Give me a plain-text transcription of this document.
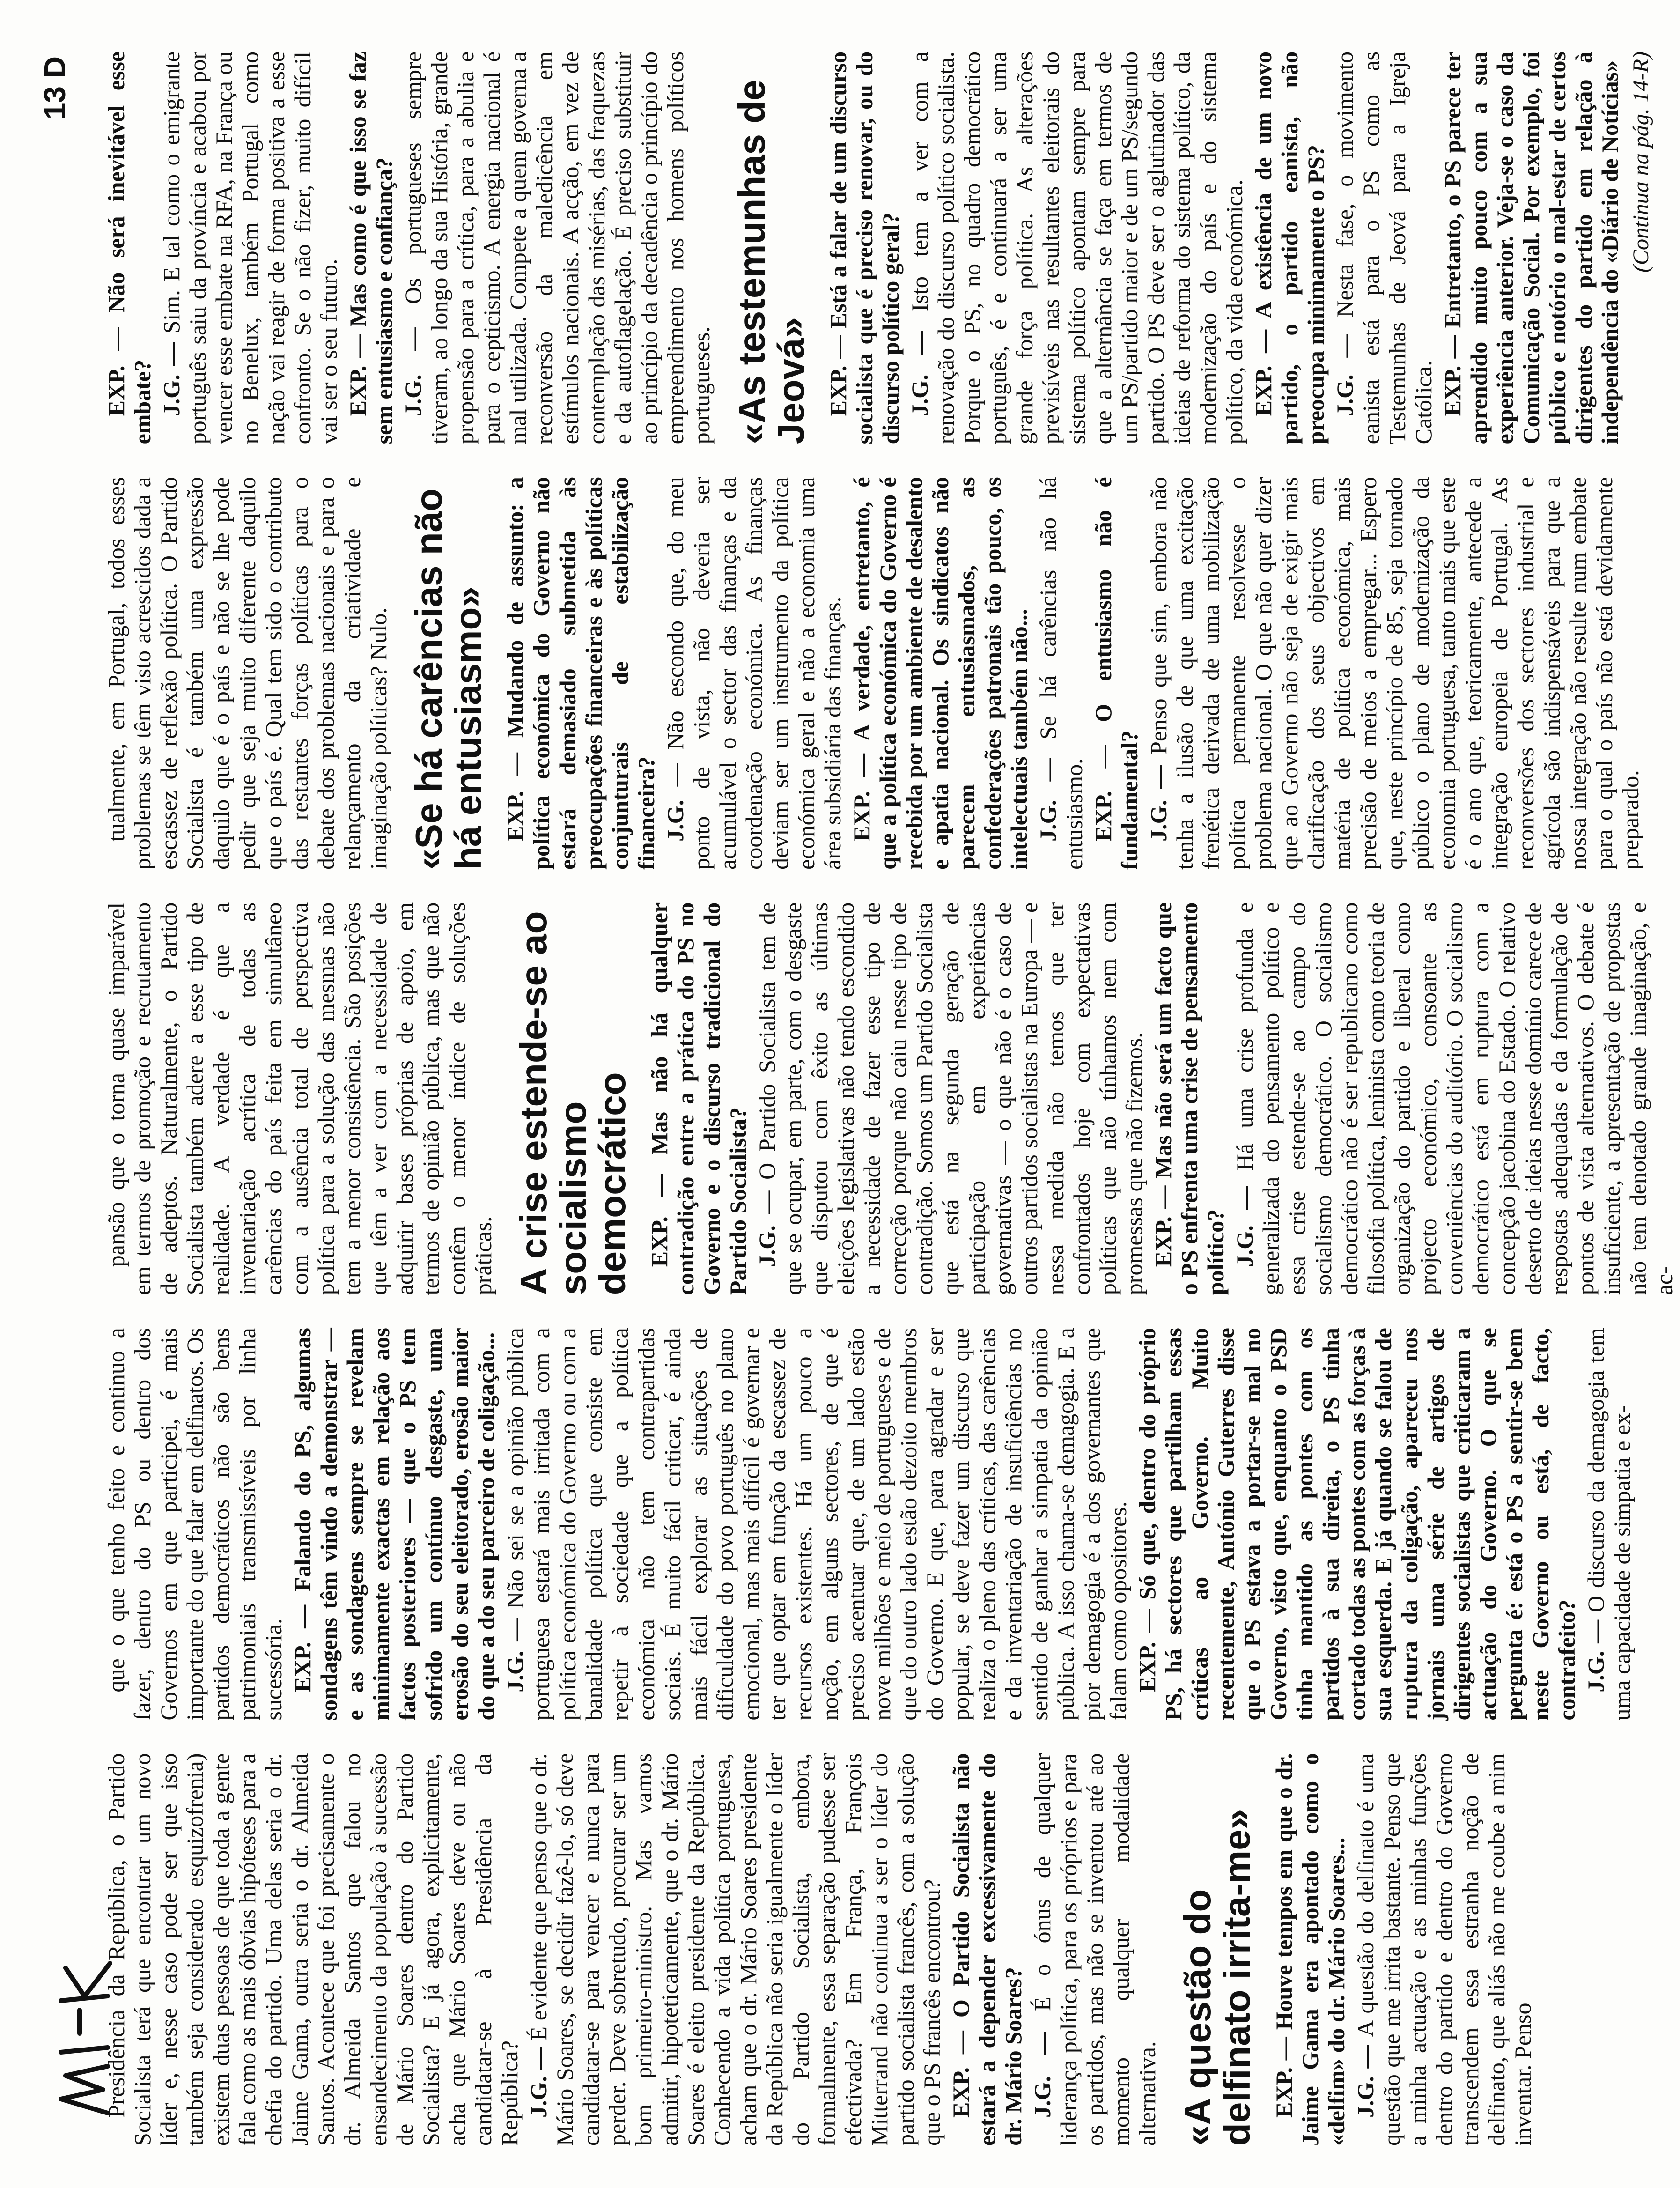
13 D

Presidência da República, o Partido Socialista terá que encontrar um novo líder e, nesse caso pode ser que isso também seja considerado esquizofrenia) existem duas pessoas de que toda a gente fala como as mais óbvias hipóteses para a chefia do partido. Uma delas seria o dr. Jaime Gama, outra seria o dr. Almeida Santos. Acontece que foi precisamente o dr. Almeida Santos que falou no ensandecimento da população à sucessão de Mário Soares dentro do Partido Socialista? E já agora, explicitamente, acha que Mário Soares deve ou não candidatar-se à Presidência da República? J.G. — É evidente que penso que o dr. Mário Soares, se decidir fazê-lo, só deve candidatar-se para vencer e nunca para perder. Deve sobretudo, procurar ser um bom primeiro-ministro. Mas vamos admitir, hipoteticamente, que o dr. Mário Soares é eleito presidente da República. Conhecendo a vida política portuguesa, acham que o dr. Mário Soares presidente da República não seria igualmente o líder do Partido Socialista, embora, formalmente, essa separação pudesse ser efectivada? Em França, François Mitterrand não continua a ser o líder do partido socialista francês, com a solução que o PS francês encontrou? EXP. — O Partido Socialista não estará a depender excessivamente do dr. Mário Soares? J.G. — É o ónus de qualquer liderança política, para os próprios e para os partidos, mas não se inventou até ao momento qualquer modalidade alternativa. «A questão do delfinato irrita-me» EXP. — Houve tempos em que o dr. Jaime Gama era apontado como o «delfim» do dr. Mário Soares... J.G. — A questão do delfinato é uma questão que me irrita bastante. Penso que a minha actuação e as minhas funções dentro do partido e dentro do Governo transcendem essa estranha noção de delfinato, que aliás não me coube a mim inventar. Penso

que o que tenho feito e continuo a fazer, dentro do PS ou dentro dos Governos em que participei, é mais importante do que falar em delfinatos. Os partidos democráticos não são bens patrimoniais transmissíveis por linha sucessória. EXP. — Falando do PS, algumas sondagens têm vindo a demonstrar — e as sondagens sempre se revelam minimamente exactas em relação aos factos posteriores — que o PS tem sofrido um contínuo desgaste, uma erosão do seu eleitorado, erosão maior do que a do seu parceiro de coligação... J.G. — Não sei se a opinião pública portuguesa estará mais irritada com a política económica do Governo ou com a banalidade política que consiste em repetir à sociedade que a política económica não tem contrapartidas sociais. É muito fácil criticar, é ainda mais fácil explorar as situações de dificuldade do povo português no plano emocional, mas mais difícil é governar e ter que optar em função da escassez de recursos existentes. Há um pouco a noção, em alguns sectores, de que é preciso acentuar que, de um lado estão nove milhões e meio de portugueses e de que do outro lado estão dezoito membros do Governo. E que, para agradar e ser popular, se deve fazer um discurso que realiza o pleno das críticas, das carências e da inventariação de insuficiências no sentido de ganhar a simpatia da opinião pública. A isso chama-se demagogia. E a pior demagogia é a dos governantes que falam como opositores. EXP. — Só que, dentro do próprio PS, há sectores que partilham essas críticas ao Governo. Muito recentemente, António Guterres disse que o PS estava a portar-se mal no Governo, visto que, enquanto o PSD tinha mantido as pontes com os partidos à sua direita, o PS tinha cortado todas as pontes com as forças à sua esquerda. E já quando se falou de ruptura da coligação, apareceu nos jornais uma série de artigos de dirigentes socialistas que criticaram a actuação do Governo. O que se pergunta é: está o PS a sentir-se bem neste Governo ou está, de facto, contrafeito? J.G. — O discurso da demagogia tem uma capacidade de simpatia e ex-

pansão que o torna quase imparável em termos de promoção e recrutamento de adeptos. Naturalmente, o Partido Socialista também adere a esse tipo de realidade. A verdade é que a inventariação acrítica de todas as carências do país feita em simultâneo com a ausência total de perspectiva política para a solução das mesmas não tem a menor consistência. São posições que têm a ver com a necessidade de adquirir bases próprias de apoio, em termos de opinião pública, mas que não contêm o menor índice de soluções práticas. A crise estende-se ao socialismo democrático EXP. — Mas não há qualquer contradição entre a prática do PS no Governo e o discurso tradicional do Partido Socialista? J.G. — O Partido Socialista tem de que se ocupar, em parte, com o desgaste que disputou com êxito as últimas eleições legislativas não tendo escondido a necessidade de fazer esse tipo de correcção porque não caiu nesse tipo de contradição. Somos um Partido Socialista que está na segunda geração de participação em experiências governativas — o que não é o caso de outros partidos socialistas na Europa — e nessa medida não temos que ter confrontados hoje com expectativas políticas que não tínhamos nem com promessas que não fizemos. EXP. — Mas não será um facto que o PS enfrenta uma crise de pensamento político? J.G. — Há uma crise profunda e generalizada do pensamento político e essa crise estende-se ao campo do socialismo democrático. O socialismo democrático não é ser republicano como filosofia política, leninista como teoria de organização do partido e liberal como projecto económico, consoante as conveniências do auditório. O socialismo democrático está em ruptura com a concepção jacobina do Estado. O relativo deserto de ideias nesse domínio carece de respostas adequadas e da formulação de pontos de vista alternativos. O debate é insuficiente, a apresentação de propostas não tem denotado grande imaginação, e ac-

tualmente, em Portugal, todos esses problemas se têm visto acrescidos dada a escassez de reflexão política. O Partido Socialista é também uma expressão daquilo que é o país e não se lhe pode pedir que seja muito diferente daquilo que o país é. Qual tem sido o contributo das restantes forças políticas para o debate dos problemas nacionais e para o relançamento da criatividade e imaginação políticas? Nulo. «Se há carências não há entusiasmo» EXP. — Mudando de assunto: a política económica do Governo não estará demasiado submetida às preocupações financeiras e às políticas conjunturais de estabilização financeira? J.G. — Não escondo que, do meu ponto de vista, não deveria ser acumulável o sector das finanças e da coordenação económica. As finanças deviam ser um instrumento da política económica geral e não a economia uma área subsidiária das finanças. EXP. — A verdade, entretanto, é que a política económica do Governo é recebida por um ambiente de desalento e apatia nacional. Os sindicatos não parecem entusiasmados, as confederações patronais tão pouco, os intelectuais também não... J.G. — Se há carências não há entusiasmo. EXP. — O entusiasmo não é fundamental? J.G. — Penso que sim, embora não tenha a ilusão de que uma excitação frenética derivada de uma mobilização política permanente resolvesse o problema nacional. O que não quer dizer que ao Governo não seja de exigir mais clarificação dos seus objectivos em matéria de política económica, mais precisão de meios a empregar... Espero que, neste princípio de 85, seja tornado público o plano de modernização da economia portuguesa, tanto mais que este é o ano que, teoricamente, antecede a integração europeia de Portugal. As reconversões dos sectores industrial e agrícola são indispensáveis para que a nossa integração não resulte num embate para o qual o país não está devidamente preparado.

EXP. — Não será inevitável esse embate? J.G. — Sim. E tal como o emigrante português saiu da província e acabou por vencer esse embate na RFA, na França ou no Benelux, também Portugal como nação vai reagir de forma positiva a esse confronto. Se o não fizer, muito difícil vai ser o seu futuro. EXP. — Mas como é que isso se faz sem entusiasmo e confiança? J.G. — Os portugueses sempre tiveram, ao longo da sua História, grande propensão para a crítica, para a abulia e para o cepticismo. A energia nacional é mal utilizada. Compete a quem governa a reconversão da maledicência em estímulos nacionais. A acção, em vez de contemplação das misérias, das fraquezas e da autoflagelação. É preciso substituir ao princípio da decadência o princípio do empreendimento nos homens políticos portugueses. «As testemunhas de Jeová» EXP. — Está a falar de um discurso socialista que é preciso renovar, ou do discurso político geral? J.G. — Isto tem a ver com a renovação do discurso político socialista. Porque o PS, no quadro democrático português, é e continuará a ser uma grande força política. As alterações previsíveis nas resultantes eleitorais do sistema político apontam sempre para que a alternância se faça em termos de um PS/partido maior e de um PS/segundo partido. O PS deve ser o aglutinador das ideias de reforma do sistema político, da modernização do país e do sistema político, da vida económica. EXP. — A existência de um novo partido, o partido eanista, não preocupa minimamente o PS? J.G. — Nesta fase, o movimento eanista está para o PS como as Testemunhas de Jeová para a Igreja Católica. EXP. — Entretanto, o PS parece ter aprendido muito pouco com a sua experiência anterior. Veja-se o caso da Comunicação Social. Por exemplo, foi público e notório o mal-estar de certos dirigentes do partido em relação à independência do «Diário de Notícias» (Continua na pág. 14-R)
